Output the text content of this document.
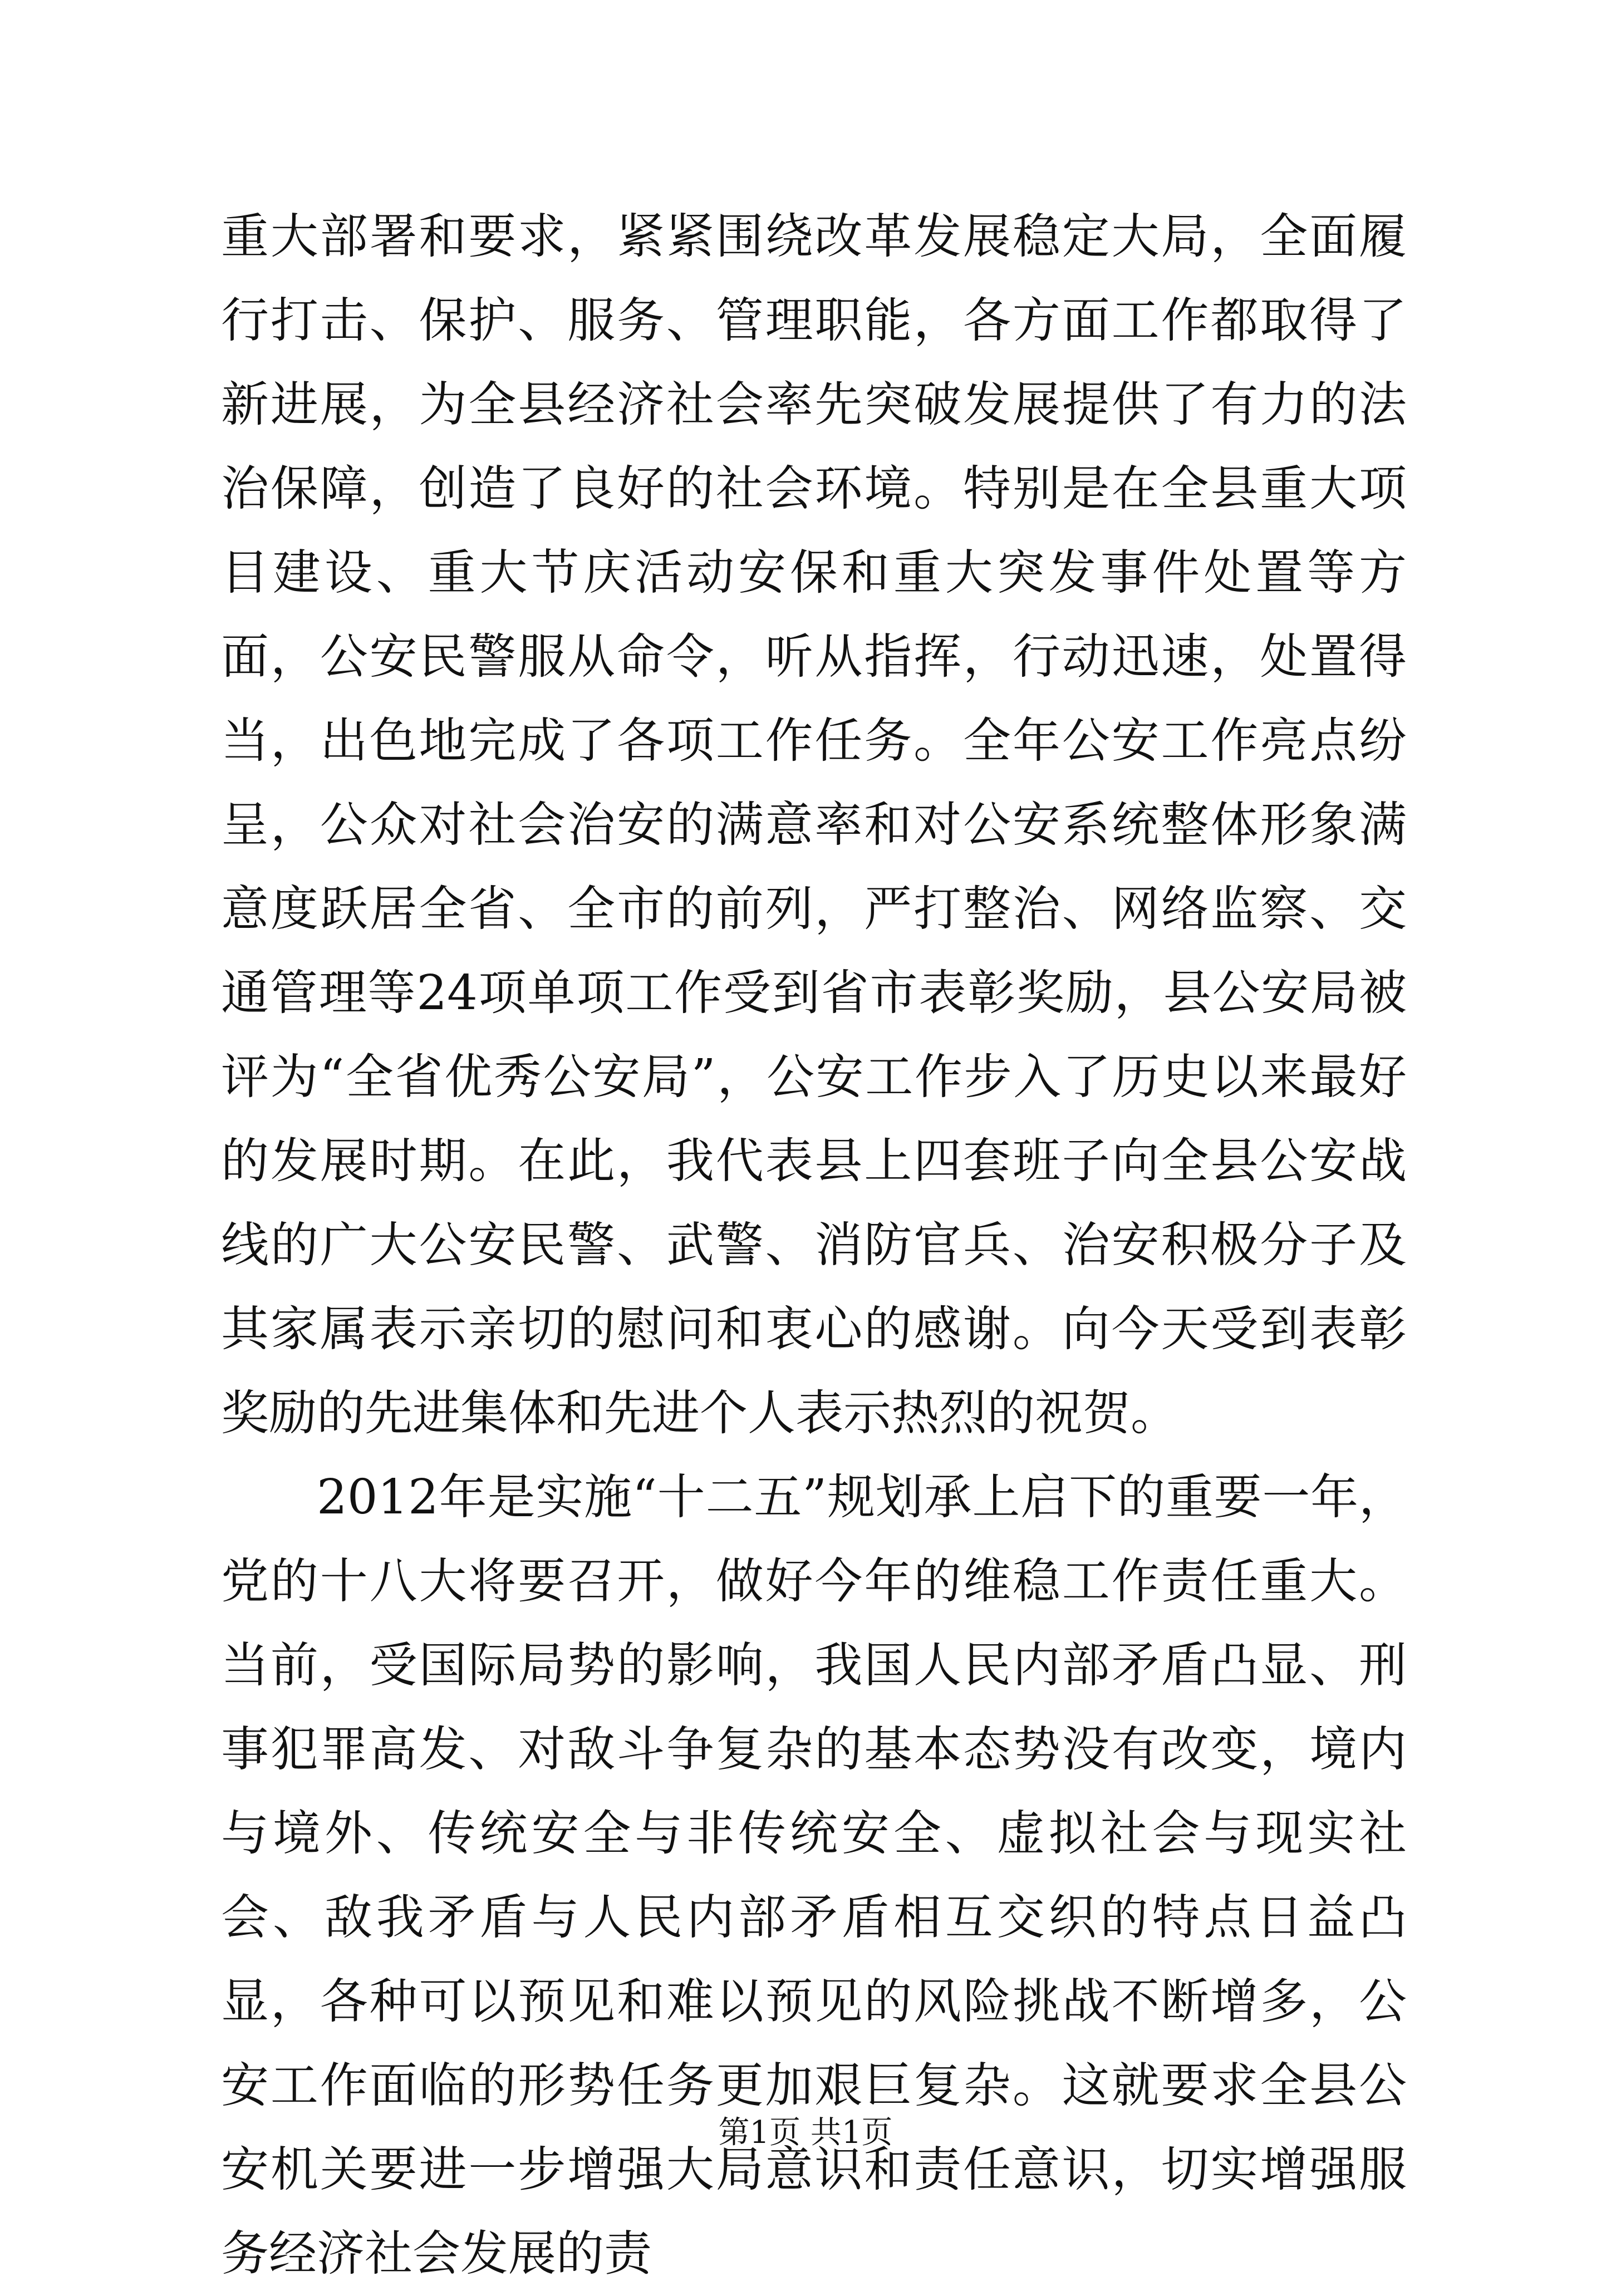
重大部署和要求，紧紧围绕改革发展稳定大局，全面履行打击、保护、服务、管理职能，各方面工作都取得了新进展，为全县经济社会率先突破发展提供了有力的法治保障，创造了良好的社会环境。特别是在全县重大项目建设、重大节庆活动安保和重大突发事件处置等方面，公安民警服从命令，听从指挥，行动迅速，处置得当，出色地完成了各项工作任务。全年公安工作亮点纷呈，公众对社会治安的满意率和对公安系统整体形象满意度跃居全省、全市的前列，严打整治、网络监察、交通管理等24项单项工作受到省市表彰奖励，县公安局被评为“全省优秀公安局”，公安工作步入了历史以来最好的发展时期。在此，我代表县上四套班子向全县公安战线的广大公安民警、武警、消防官兵、治安积极分子及其家属表示亲切的慰问和衷心的感谢。向今天受到表彰奖励的先进集体和先进个人表示热烈的祝贺。

2012年是实施“十二五”规划承上启下的重要一年，党的十八大将要召开，做好今年的维稳工作责任重大。当前，受国际局势的影响，我国人民内部矛盾凸显、刑事犯罪高发、对敌斗争复杂的基本态势没有改变，境内与境外、传统安全与非传统安全、虚拟社会与现实社会、敌我矛盾与人民内部矛盾相互交织的特点日益凸显，各种可以预见和难以预见的风险挑战不断增多，公安工作面临的形势任务更加艰巨复杂。这就要求全县公安机关要进一步增强大局意识和责任意识，切实增强服务经济社会发展的责

第1页 共1页
